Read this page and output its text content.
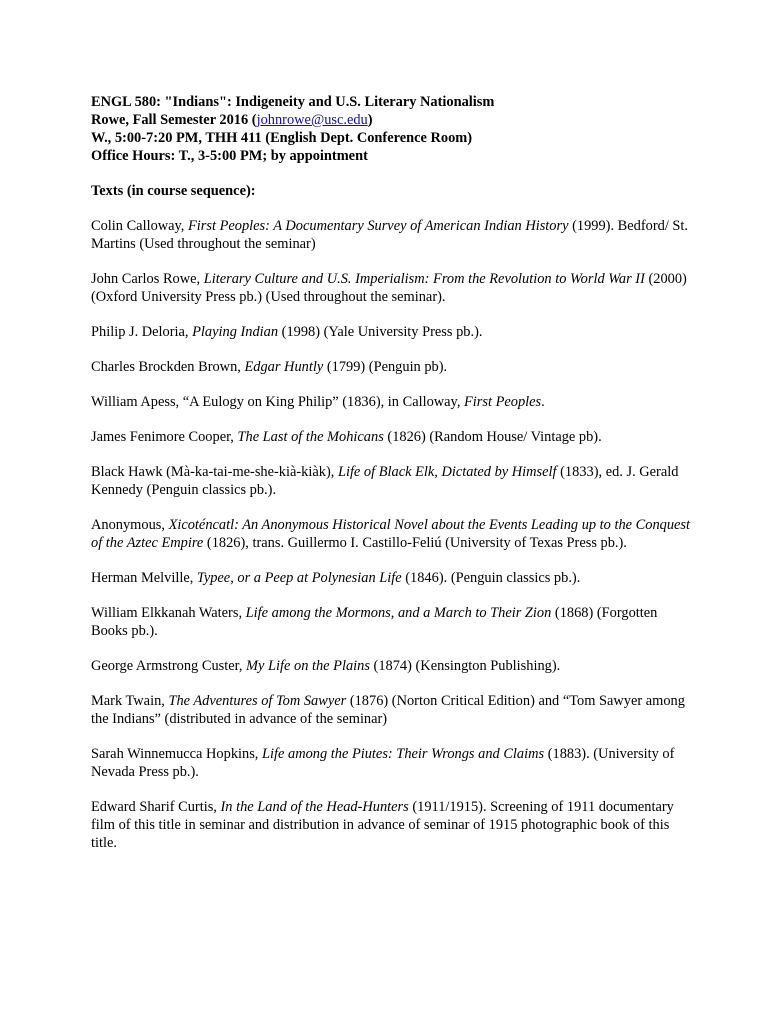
ENGL 580: "Indians": Indigeneity and U.S. Literary Nationalism
Rowe, Fall Semester 2016 (johnrowe@usc.edu)
W., 5:00-7:20 PM, THH 411 (English Dept. Conference Room)
Office Hours: T., 3-5:00 PM; by appointment
Texts (in course sequence):
Colin Calloway, First Peoples: A Documentary Survey of American Indian History (1999). Bedford/ St. Martins (Used throughout the seminar)
John Carlos Rowe, Literary Culture and U.S. Imperialism: From the Revolution to World War II (2000) (Oxford University Press pb.) (Used throughout the seminar).
Philip J. Deloria, Playing Indian (1998) (Yale University Press pb.).
Charles Brockden Brown, Edgar Huntly (1799) (Penguin pb).
William Apess, “A Eulogy on King Philip” (1836), in Calloway, First Peoples.
James Fenimore Cooper, The Last of the Mohicans (1826) (Random House/ Vintage pb).
Black Hawk (Mà-ka-tai-me-she-kià-kiàk), Life of Black Elk, Dictated by Himself (1833), ed. J. Gerald Kennedy (Penguin classics pb.).
Anonymous, Xicoténcatl: An Anonymous Historical Novel about the Events Leading up to the Conquest of the Aztec Empire (1826), trans. Guillermo I. Castillo-Feliú (University of Texas Press pb.).
Herman Melville, Typee, or a Peep at Polynesian Life (1846). (Penguin classics pb.).
William Elkkanah Waters, Life among the Mormons, and a March to Their Zion (1868) (Forgotten Books pb.).
George Armstrong Custer, My Life on the Plains (1874) (Kensington Publishing).
Mark Twain, The Adventures of Tom Sawyer (1876) (Norton Critical Edition) and “Tom Sawyer among the Indians” (distributed in advance of the seminar)
Sarah Winnemucca Hopkins, Life among the Piutes: Their Wrongs and Claims (1883). (University of Nevada Press pb.).
Edward Sharif Curtis, In the Land of the Head-Hunters (1911/1915). Screening of 1911 documentary film of this title in seminar and distribution in advance of seminar of 1915 photographic book of this title.
